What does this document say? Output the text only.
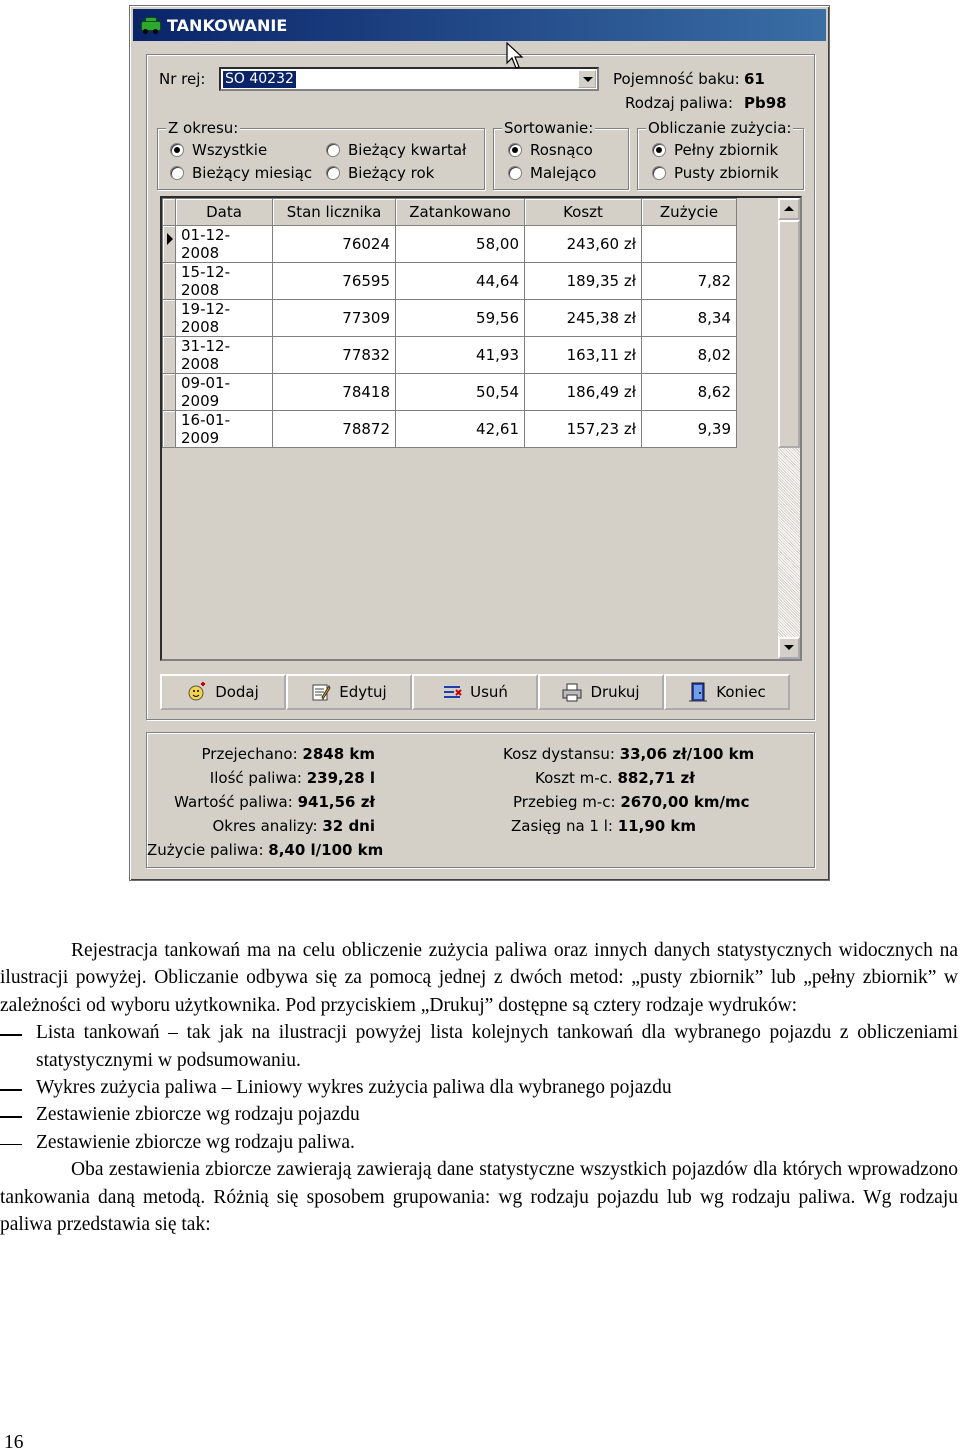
TANKOWANIE
Nr rej: SO 40232	Pojemność baku: 61
Rodzaj paliwa: Pb98
Z okresu:
Wszystkie	Bieżący kwartał
Bieżący miesiąc Bieżący rok
Sortowanie:
Rosnąco
Malejąco
Obliczanie zużycia:
Pełny zbiornik
Pusty zbiornik
	Data	Stan licznika	Zatankowano	Koszt	Zużycie
	01-12-2008	76024	58,00	243,60 zł	
	15-12-2008	76595	44,64	189,35 zł	7,82
	19-12-2008	77309	59,56	245,38 zł	8,34
	31-12-2008	77832	41,93	163,11 zł	8,02
	09-01-2009	78418	50,54	186,49 zł	8,62
	16-01-2009	78872	42,61	157,23 zł	9,39
Dodaj	Edytuj	Usuń	Drukuj	Koniec
Przejechano: 2848 km
Ilość paliwa: 239,28 l
Wartość paliwa: 941,56 zł
Okres analizy: 32 dni
Zużycie paliwa: 8,40 l/100 km
Kosz dystansu: 33,06 zł/100 km
Koszt m-c. 882,71 zł
Przebieg m-c: 2670,00 km/mc
Zasięg na 1 l: 11,90 km

Rejestracja tankowań ma na celu obliczenie zużycia paliwa oraz innych danych statystycznych widocznych na ilustracji powyżej. Obliczanie odbywa się za pomocą jednej z dwóch metod: „pusty zbiornik” lub „pełny zbiornik” w zależności od wyboru użytkownika. Pod przyciskiem „Drukuj” dostępne są cztery rodzaje wydruków:

Lista tankowań – tak jak na ilustracji powyżej lista kolejnych tankowań dla wybranego pojazdu z obliczeniami statystycznymi w podsumowaniu.
Wykres zużycia paliwa – Liniowy wykres zużycia paliwa dla wybranego pojazdu
Zestawienie zbiorcze wg rodzaju pojazdu
Zestawienie zbiorcze wg rodzaju paliwa.

Oba zestawienia zbiorcze zawierają zawierają dane statystyczne wszystkich pojazdów dla których wprowadzono tankowania daną metodą. Różnią się sposobem grupowania: wg rodzaju pojazdu lub wg rodzaju paliwa. Wg rodzaju paliwa przedstawia się tak:

16
